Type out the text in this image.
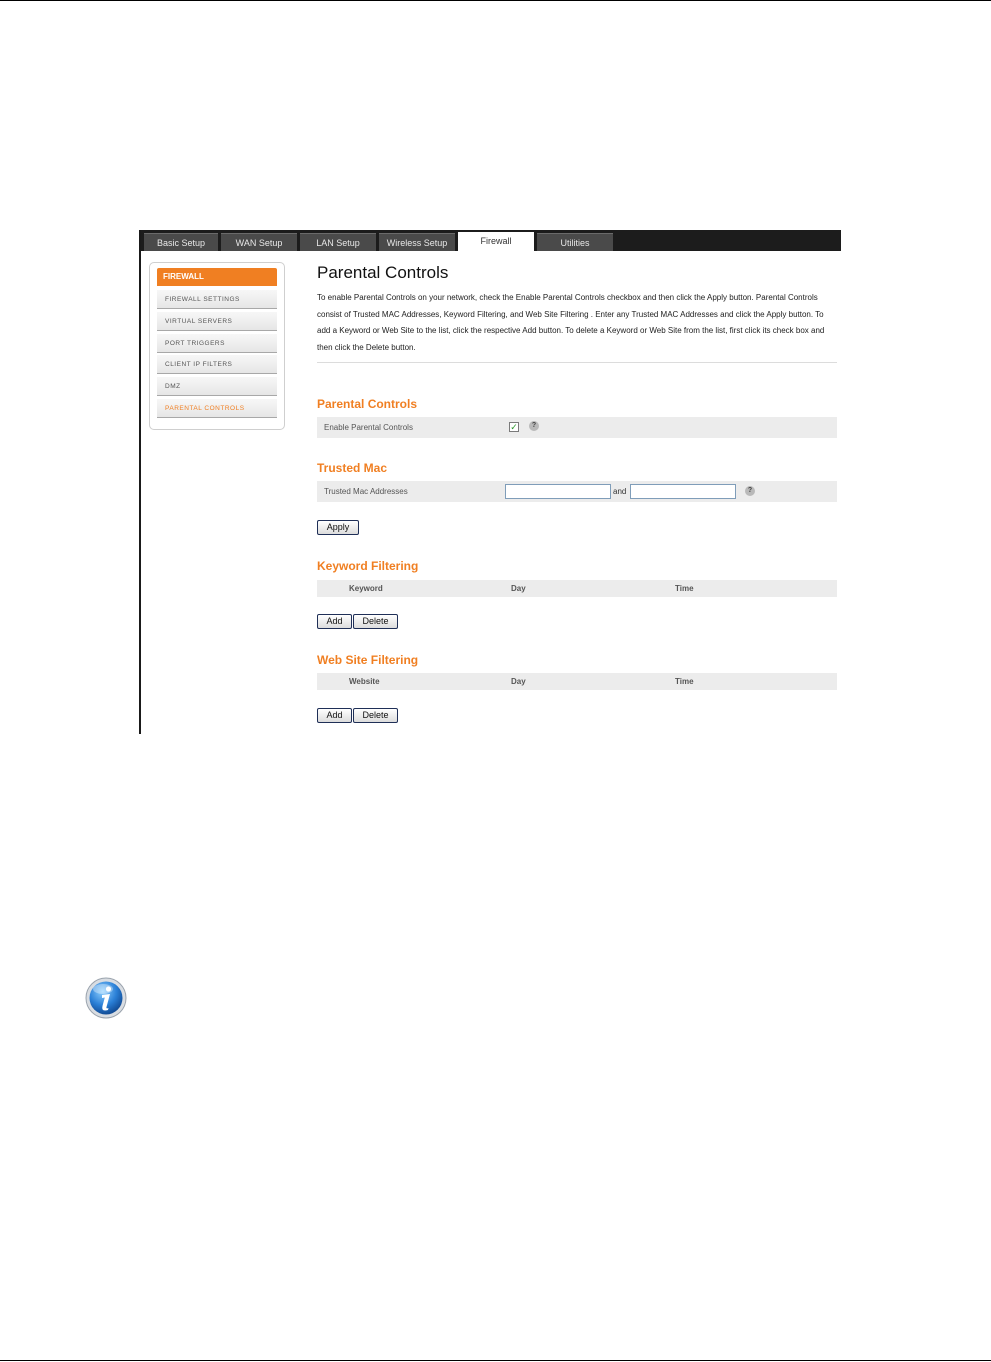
Basic Setup	WAN Setup	LAN Setup	Wireless Setup	Firewall	Utilities
FIREWALL
FIREWALL SETTINGS
VIRTUAL SERVERS
PORT TRIGGERS
CLIENT IP FILTERS
DMZ
PARENTAL CONTROLS
Parental Controls
To enable Parental Controls on your network, check the Enable Parental Controls checkbox and then click the Apply button. Parental Controls consist of Trusted MAC Addresses, Keyword Filtering, and Web Site Filtering . Enter any Trusted MAC Addresses and click the Apply button. To add a Keyword or Web Site to the list, click the respective Add button. To delete a Keyword or Web Site from the list, first click its check box and then click the Delete button.
Parental Controls
Enable Parental Controls	✓	?
Trusted Mac
Trusted Mac Addresses	and	?
Apply
Keyword Filtering
Keyword	Day	Time
Add	Delete
Web Site Filtering
Website	Day	Time
Add	Delete
